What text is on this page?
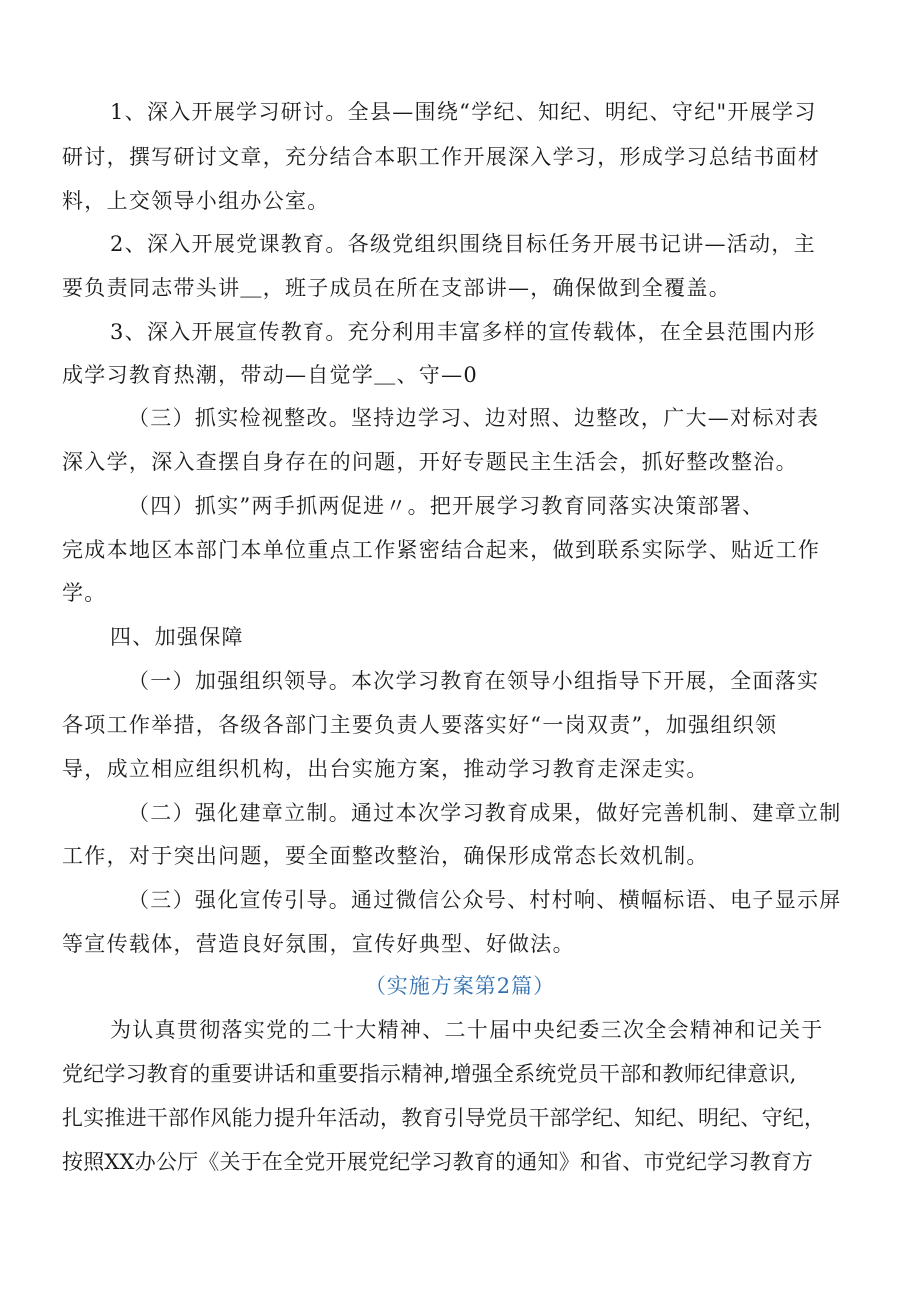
1、深入开展学习研讨。全县—围绕“学纪、知纪、明纪、守纪"开展学习

研讨，撰写研讨文章，充分结合本职工作开展深入学习，形成学习总结书面材

料，上交领导小组办公室。

2、深入开展党课教育。各级党组织围绕目标任务开展书记讲—活动，主

要负责同志带头讲＿，班子成员在所在支部讲—，确保做到全覆盖。

3、深入开展宣传教育。充分利用丰富多样的宣传载体，在全县范围内形

成学习教育热潮，带动—自觉学＿、守—0

（三）抓实检视整改。坚持边学习、边对照、边整改，广大—对标对表

深入学，深入查摆自身存在的问题，开好专题民主生活会，抓好整改整治。

（四）抓实”两手抓两促进〃。把开展学习教育同落实决策部署、

完成本地区本部门本单位重点工作紧密结合起来，做到联系实际学、贴近工作

学。

四、加强保障

（一）加强组织领导。本次学习教育在领导小组指导下开展，全面落实

各项工作举措，各级各部门主要负责人要落实好“一岗双责”，加强组织领

导，成立相应组织机构，出台实施方案，推动学习教育走深走实。

（二）强化建章立制。通过本次学习教育成果，做好完善机制、建章立制

工作，对于突出问题，要全面整改整治，确保形成常态长效机制。

（三）强化宣传引导。通过微信公众号、村村响、横幅标语、电子显示屏

等宣传载体，营造良好氛围，宣传好典型、好做法。

（实施方案第2篇）

为认真贯彻落实党的二十大精神、二十届中央纪委三次全会精神和记关于

党纪学习教育的重要讲话和重要指示精神,增强全系统党员干部和教师纪律意识,

扎实推进干部作风能力提升年活动，教育引导党员干部学纪、知纪、明纪、守纪，

按照XX办公厅《关于在全党开展党纪学习教育的通知》和省、市党纪学习教育方
